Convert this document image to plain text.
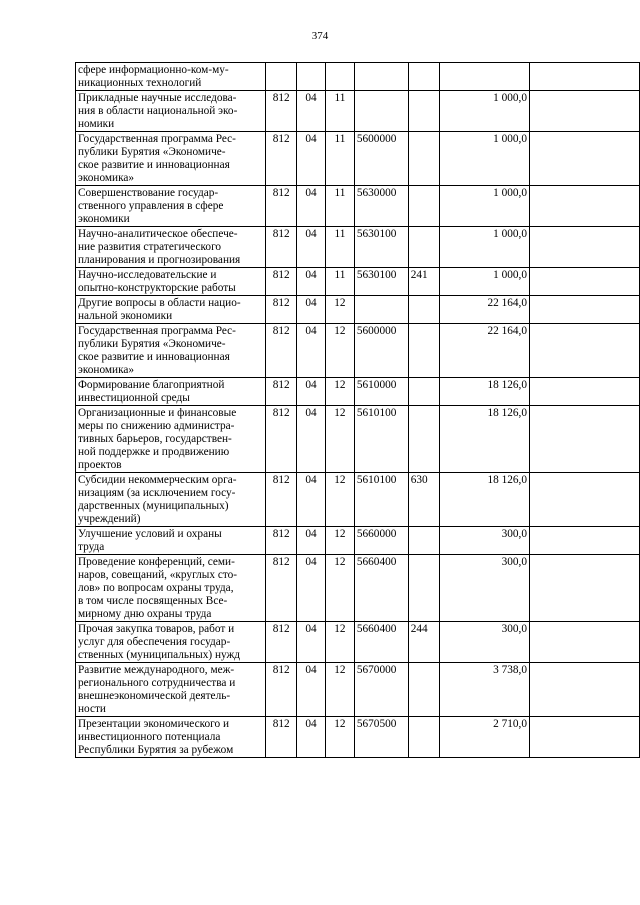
374
сфере информационно-ком-му-
никационных технологий							

Прикладные научные исследова-
ния в области национальной эко-
номики	812	04	11			1 000,0	

Государственная программа Рес-
публики Бурятия «Экономиче-
ское развитие и инновационная
экономика»	812	04	11	5600000		1 000,0	

Совершенствование государ-
ственного управления в сфере
экономики	812	04	11	5630000		1 000,0	

Научно-аналитическое обеспече-
ние развития стратегического
планирования и прогнозирования	812	04	11	5630100		1 000,0	

Научно-исследовательские и
опытно-конструкторские работы	812	04	11	5630100	241	1 000,0	

Другие вопросы в области нацио-
нальной экономики	812	04	12			22 164,0	

Государственная программа Рес-
публики Бурятия «Экономиче-
ское развитие и инновационная
экономика»	812	04	12	5600000		22 164,0	

Формирование благоприятной
инвестиционной среды	812	04	12	5610000		18 126,0	

Организационные и финансовые
меры по снижению администра-
тивных барьеров, государствен-
ной поддержке и продвижению
проектов	812	04	12	5610100		18 126,0	

Субсидии некоммерческим орга-
низациям (за исключением госу-
дарственных (муниципальных)
учреждений)	812	04	12	5610100	630	18 126,0	

Улучшение условий и охраны
труда	812	04	12	5660000		300,0	

Проведение конференций, семи-
наров, совещаний, «круглых сто-
лов» по вопросам охраны труда,
в том числе посвященных Все-
мирному дню охраны труда	812	04	12	5660400		300,0	

Прочая закупка товаров, работ и
услуг для обеспечения государ-
ственных (муниципальных) нужд	812	04	12	5660400	244	300,0	

Развитие международного, меж-
регионального сотрудничества и
внешнеэкономической деятель-
ности	812	04	12	5670000		3 738,0	

Презентации экономического и
инвестиционного потенциала
Республики Бурятия за рубежом	812	04	12	5670500		2 710,0	
